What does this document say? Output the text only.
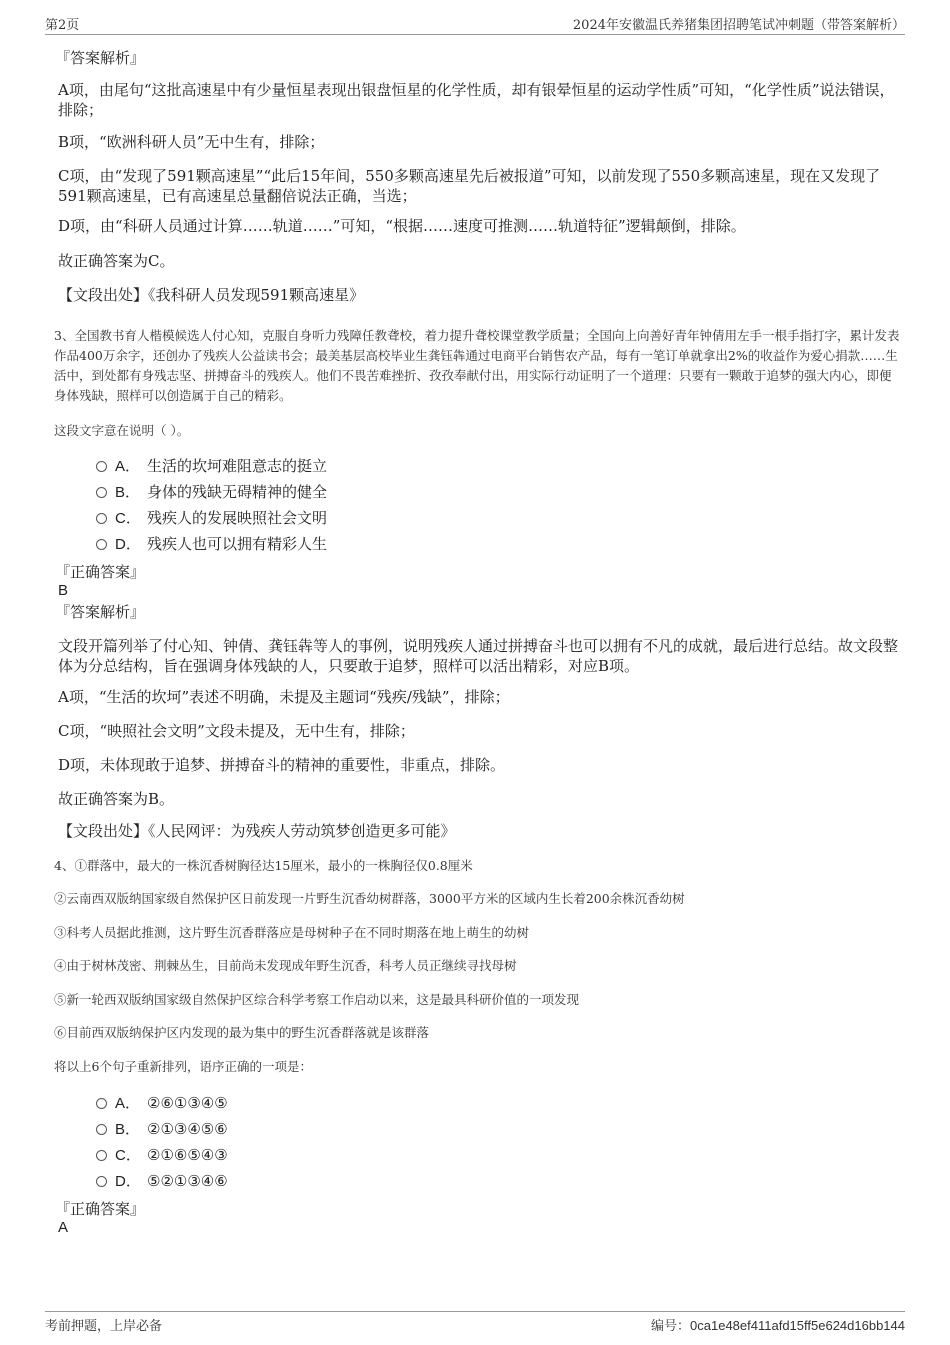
第2页	2024年安徽温氏养猪集团招聘笔试冲刺题（带答案解析）
『答案解析』
A项，由尾句“这批高速星中有少量恒星表现出银盘恒星的化学性质，却有银晕恒星的运动学性质”可知，“化学性质”说法错误，排除；
B项，“欧洲科研人员”无中生有，排除；
C项，由“发现了591颗高速星”“此后15年间，550多颗高速星先后被报道”可知，以前发现了550多颗高速星，现在又发现了591颗高速星，已有高速星总量翻倍说法正确，当选；
D项，由“科研人员通过计算……轨道……”可知，“根据……速度可推测……轨道特征”逻辑颠倒，排除。
故正确答案为C。
【文段出处】《我科研人员发现591颗高速星》
3、全国教书育人楷模候选人付心知，克服自身听力残障任教聋校，着力提升聋校课堂教学质量；全国向上向善好青年钟倩用左手一根手指打字，累计发表作品400万余字，还创办了残疾人公益读书会；最美基层高校毕业生龚钰犇通过电商平台销售农产品，每有一笔订单就拿出2%的收益作为爱心捐款……生活中，到处都有身残志坚、拼搏奋斗的残疾人。他们不畏苦难挫折、孜孜奉献付出，用实际行动证明了一个道理：只要有一颗敢于追梦的强大内心，即便身体残缺，照样可以创造属于自己的精彩。
这段文字意在说明（ ）。
A． 生活的坎坷难阻意志的挺立
B． 身体的残缺无碍精神的健全
C． 残疾人的发展映照社会文明
D． 残疾人也可以拥有精彩人生
『正确答案』
B
『答案解析』
文段开篇列举了付心知、钟倩、龚钰犇等人的事例，说明残疾人通过拼搏奋斗也可以拥有不凡的成就，最后进行总结。故文段整体为分总结构，旨在强调身体残缺的人，只要敢于追梦，照样可以活出精彩，对应B项。
A项，“生活的坎坷”表述不明确，未提及主题词“残疾/残缺”，排除；
C项，“映照社会文明”文段未提及，无中生有，排除；
D项，未体现敢于追梦、拼搏奋斗的精神的重要性，非重点，排除。
故正确答案为B。
【文段出处】《人民网评：为残疾人劳动筑梦创造更多可能》
4、①群落中，最大的一株沉香树胸径达15厘米，最小的一株胸径仅0.8厘米
②云南西双版纳国家级自然保护区日前发现一片野生沉香幼树群落，3000平方米的区域内生长着200余株沉香幼树
③科考人员据此推测，这片野生沉香群落应是母树种子在不同时期落在地上萌生的幼树
④由于树林茂密、荆棘丛生，目前尚未发现成年野生沉香，科考人员正继续寻找母树
⑤新一轮西双版纳国家级自然保护区综合科学考察工作启动以来，这是最具科研价值的一项发现
⑥目前西双版纳保护区内发现的最为集中的野生沉香群落就是该群落
将以上6个句子重新排列，语序正确的一项是：
A． ②⑥①③④⑤
B． ②①③④⑤⑥
C． ②①⑥⑤④③
D． ⑤②①③④⑥
『正确答案』
A
考前押题，上岸必备	编号：0ca1e48ef411afd15ff5e624d16bb144
